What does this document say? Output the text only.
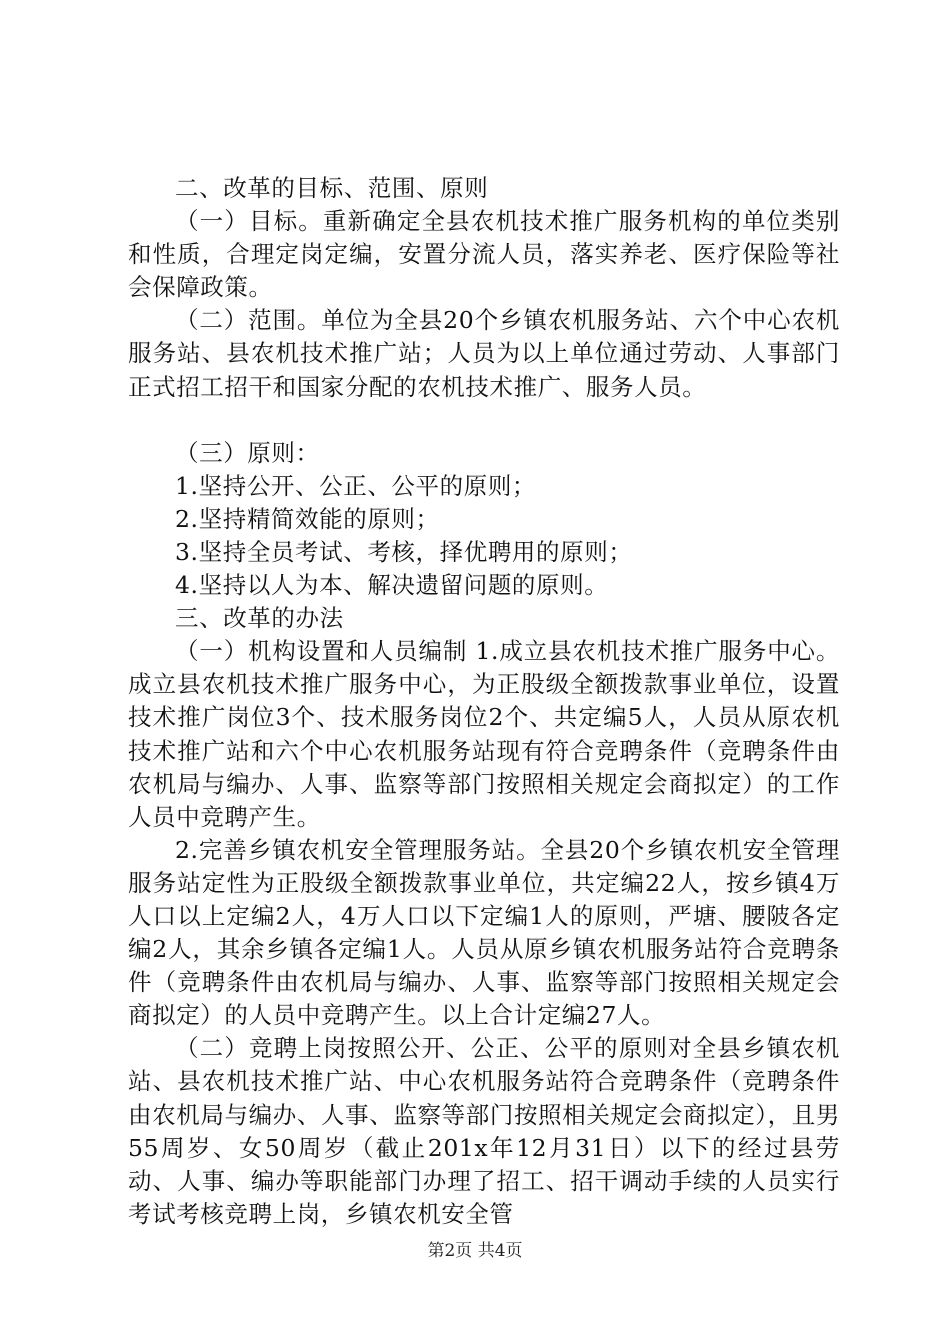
二、改革的目标、范围、原则

（一）目标。重新确定全县农机技术推广服务机构的单位类别和性质，合理定岗定编，安置分流人员，落实养老、医疗保险等社会保障政策。

（二）范围。单位为全县20个乡镇农机服务站、六个中心农机服务站、县农机技术推广站；人员为以上单位通过劳动、人事部门正式招工招干和国家分配的农机技术推广、服务人员。

（三）原则：

1.坚持公开、公正、公平的原则；

2.坚持精简效能的原则；

3.坚持全员考试、考核，择优聘用的原则；

4.坚持以人为本、解决遗留问题的原则。

三、改革的办法

（一）机构设置和人员编制 1.成立县农机技术推广服务中心。成立县农机技术推广服务中心，为正股级全额拨款事业单位，设置技术推广岗位3个、技术服务岗位2个、共定编5人，人员从原农机技术推广站和六个中心农机服务站现有符合竞聘条件（竞聘条件由农机局与编办、人事、监察等部门按照相关规定会商拟定）的工作人员中竞聘产生。

2.完善乡镇农机安全管理服务站。全县20个乡镇农机安全管理服务站定性为正股级全额拨款事业单位，共定编22人，按乡镇4万人口以上定编2人，4万人口以下定编1人的原则，严塘、腰陂各定编2人，其余乡镇各定编1人。人员从原乡镇农机服务站符合竞聘条件（竞聘条件由农机局与编办、人事、监察等部门按照相关规定会商拟定）的人员中竞聘产生。以上合计定编27人。

（二）竞聘上岗按照公开、公正、公平的原则对全县乡镇农机站、县农机技术推广站、中心农机服务站符合竞聘条件（竞聘条件由农机局与编办、人事、监察等部门按照相关规定会商拟定），且男55周岁、女50周岁（截止201x年12月31日）以下的经过县劳动、人事、编办等职能部门办理了招工、招干调动手续的人员实行考试考核竞聘上岗，乡镇农机安全管

第2页 共4页
